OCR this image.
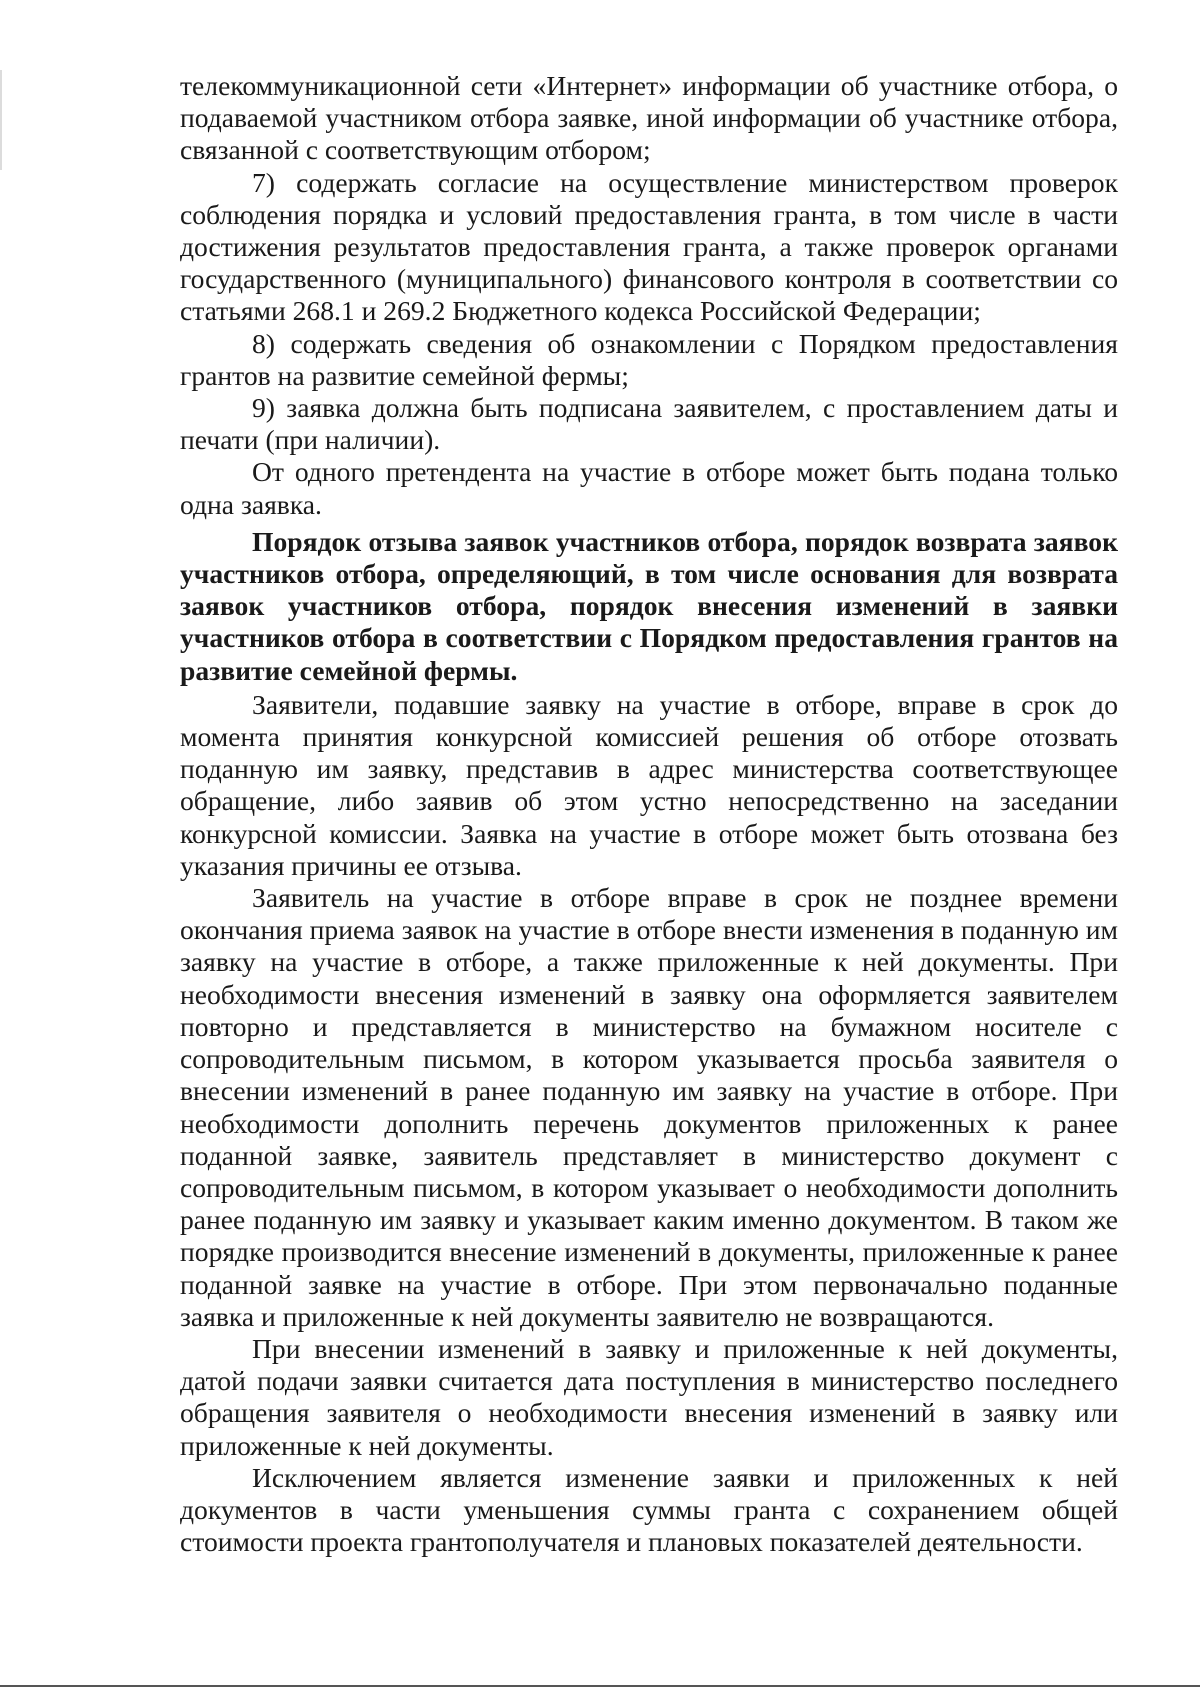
телекоммуникационной сети «Интернет» информации об участнике отбора, о подаваемой участником отбора заявке, иной информации об участнике отбора, связанной с соответствующим отбором;

7) содержать согласие на осуществление министерством проверок соблюдения порядка и условий предоставления гранта, в том числе в части достижения результатов предоставления гранта, а также проверок органами государственного (муниципального) финансового контроля в соответствии со статьями 268.1 и 269.2 Бюджетного кодекса Российской Федерации;

8) содержать сведения об ознакомлении с Порядком предоставления грантов на развитие семейной фермы;

9) заявка должна быть подписана заявителем, с проставлением даты и печати (при наличии).

От одного претендента на участие в отборе может быть подана только одна заявка.

Порядок отзыва заявок участников отбора, порядок возврата заявок участников отбора, определяющий, в том числе основания для возврата заявок участников отбора, порядок внесения изменений в заявки участников отбора в соответствии с Порядком предоставления грантов на развитие семейной фермы.

Заявители, подавшие заявку на участие в отборе, вправе в срок до момента принятия конкурсной комиссией решения об отборе отозвать поданную им заявку, представив в адрес министерства соответствующее обращение, либо заявив об этом устно непосредственно на заседании конкурсной комиссии. Заявка на участие в отборе может быть отозвана без указания причины ее отзыва.

Заявитель на участие в отборе вправе в срок не позднее времени окончания приема заявок на участие в отборе внести изменения в поданную им заявку на участие в отборе, а также приложенные к ней документы. При необходимости внесения изменений в заявку она оформляется заявителем повторно и представляется в министерство на бумажном носителе с сопроводительным письмом, в котором указывается просьба заявителя о внесении изменений в ранее поданную им заявку на участие в отборе. При необходимости дополнить перечень документов приложенных к ранее поданной заявке, заявитель представляет в министерство документ с сопроводительным письмом, в котором указывает о необходимости дополнить ранее поданную им заявку и указывает каким именно документом. В таком же порядке производится внесение изменений в документы, приложенные к ранее поданной заявке на участие в отборе. При этом первоначально поданные заявка и приложенные к ней документы заявителю не возвращаются.

При внесении изменений в заявку и приложенные к ней документы, датой подачи заявки считается дата поступления в министерство последнего обращения заявителя о необходимости внесения изменений в заявку или приложенные к ней документы.

Исключением является изменение заявки и приложенных к ней документов в части уменьшения суммы гранта с сохранением общей стоимости проекта грантополучателя и плановых показателей деятельности.
